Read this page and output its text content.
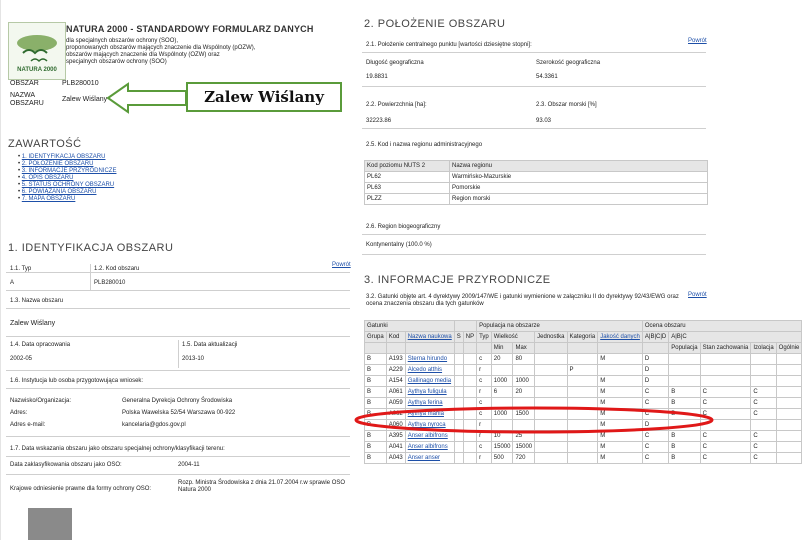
NATURA 2000
NATURA 2000 - STANDARDOWY FORMULARZ DANYCH
dla specjalnych obszarów ochrony (SOO),
proponowanych obszarów mających znaczenie dla Wspólnoty (pOZW),
obszarów mających znaczenie dla Wspólnoty (OZW) oraz
specjalnych obszarów ochrony (SOO)
OBSZAR	PLB280010
NAZWA OBSZARU
Zalew Wiślany
ZAWARTOŚĆ
• 1. IDENTYFIKACJA OBSZARU
• 2. POŁOŻENIE OBSZARU
• 3. INFORMACJE PRZYRODNICZE
• 4. OPIS OBSZARU
• 5. STATUS OCHRONY OBSZARU
• 6. POWIĄZANIA OBSZARU
• 7. MAPA OBSZARU
1. IDENTYFIKACJA OBSZARU
Powrót
1.1. Typ
A
1.2. Kod obszaru
PLB280010
1.3. Nazwa obszaru
Zalew Wiślany
1.4. Data opracowania
2002-05
1.5. Data aktualizacji
2013-10
1.6. Instytucja lub osoba przygotowująca wniosek:
Nazwisko/Organizacja:	Generalna Dyrekcja Ochrony Środowiska
Adres:	Polska Wawelska 52/54 Warszawa 00-922
Adres e-mail:	kancelaria@gdos.gov.pl
1.7. Data wskazania obszaru jako obszaru specjalnej ochrony/klasyfikacji terenu:
Data zaklasyfikowania obszaru jako OSO:	2004-11
Krajowe odniesienie prawne dla formy ochrony OSO:
Rozp. Ministra Środowiska z dnia 21.07.2004 r.w sprawie OSO Natura 2000
Zalew Wiślany
2. POŁOŻENIE OBSZARU
Powrót
2.1. Położenie centralnego punktu [wartości dziesiętne stopni]:
Długość geograficzna
19.8831
Szerokość geograficzna
54.3361
2.2. Powierzchnia [ha]:
32223.86
2.3. Obszar morski [%]
93.03
2.5. Kod i nazwa regionu administracyjnego
Kod poziomu NUTS 2	Nazwa regionu
PL62	Warmińsko-Mazurskie
PL63	Pomorskie
PLZZ	Region morski
2.6. Region biogeograficzny
Kontynentalny (100.0 %)
3. INFORMACJE PRZYRODNICZE
Powrót
3.2. Gatunki objęte art. 4 dyrektywy 2009/147/WE i gatunki wymienione w załączniku II do dyrektywy 92/43/EWG oraz ocena znaczenia obszaru dla tych gatunków
Gatunki					Populacja na obszarze						Ocena obszaru				
Grupa	Kod	Nazwa naukowa	S	NP	Typ	Wielkość		Jednostka	Kategoria	Jakość danych	A|B|C|D	A|B|C			
						Min	Max					Populacja	Stan zachowania	Izolacja	Ogólnie
B	A193	Sterna hirundo			c	20	80			M	D				
B	A229	Alcedo atthis			r				P		D				
B	A154	Gallinago media			c	1000	1000			M	D				
B	A061	Aythya fuligula			r	6	20			M	C	B	C	C	
B	A059	Aythya ferina			c					M	C	B	C	C	
B	A062	Aythya marila			c	1000	1500			M	C	B	C	C	
B	A060	Aythya nyroca			r					M	D				
B	A395	Anser albifrons			r	10	25			M	C	B	C	C	
B	A041	Anser albifrons			c	15000	15000			M	C	B	C	C	
B	A043	Anser anser			r	500	720			M	C	B	C	C	
